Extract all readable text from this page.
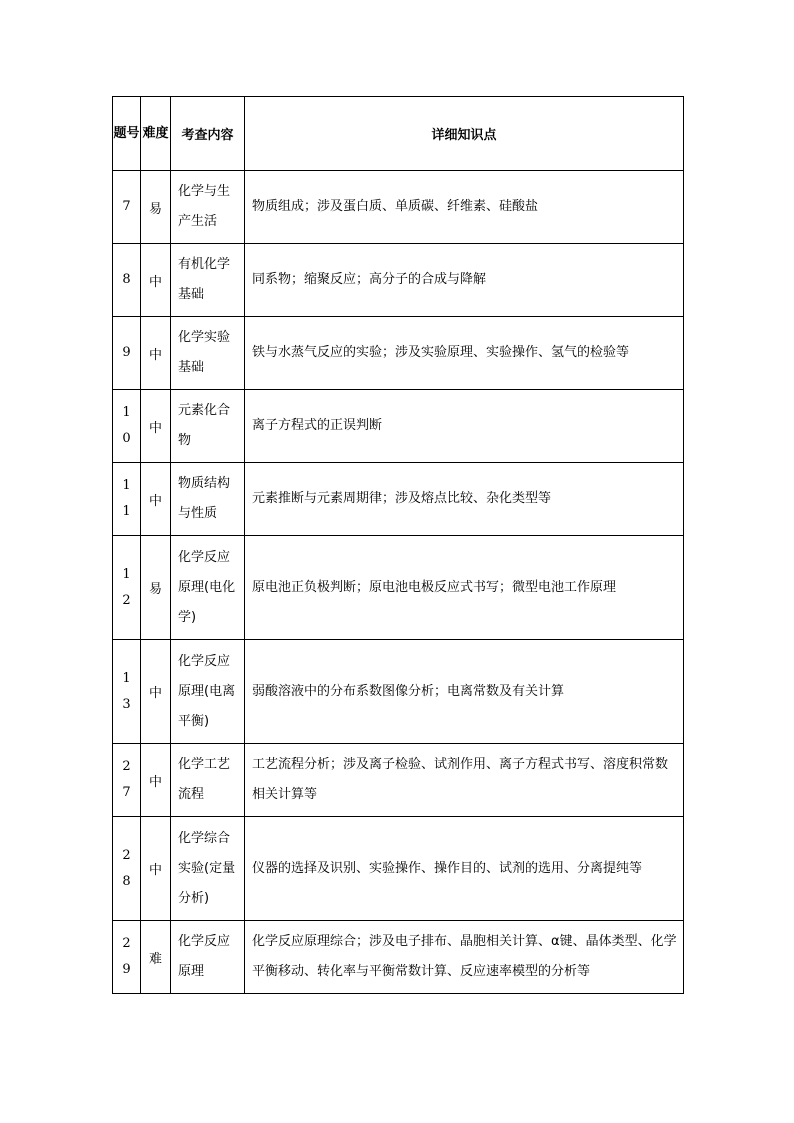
题号	难度	考查内容	详细知识点
7	易	化学与生产生活	物质组成；涉及蛋白质、单质碳、纤维素、硅酸盐
8	中	有机化学基础	同系物；缩聚反应；高分子的合成与降解
9	中	化学实验基础	铁与水蒸气反应的实验；涉及实验原理、实验操作、氢气的检验等
10	中	元素化合物	离子方程式的正误判断
11	中	物质结构与性质	元素推断与元素周期律；涉及熔点比较、杂化类型等
12	易	化学反应原理(电化学)	原电池正负极判断；原电池电极反应式书写；微型电池工作原理
13	中	化学反应原理(电离平衡)	弱酸溶液中的分布系数图像分析；电离常数及有关计算
27	中	化学工艺流程	工艺流程分析；涉及离子检验、试剂作用、离子方程式书写、溶度积常数相关计算等
28	中	化学综合实验(定量分析)	仪器的选择及识别、实验操作、操作目的、试剂的选用、分离提纯等
29	难	化学反应原理	化学反应原理综合；涉及电子排布、晶胞相关计算、α键、晶体类型、化学平衡移动、转化率与平衡常数计算、反应速率模型的分析等
